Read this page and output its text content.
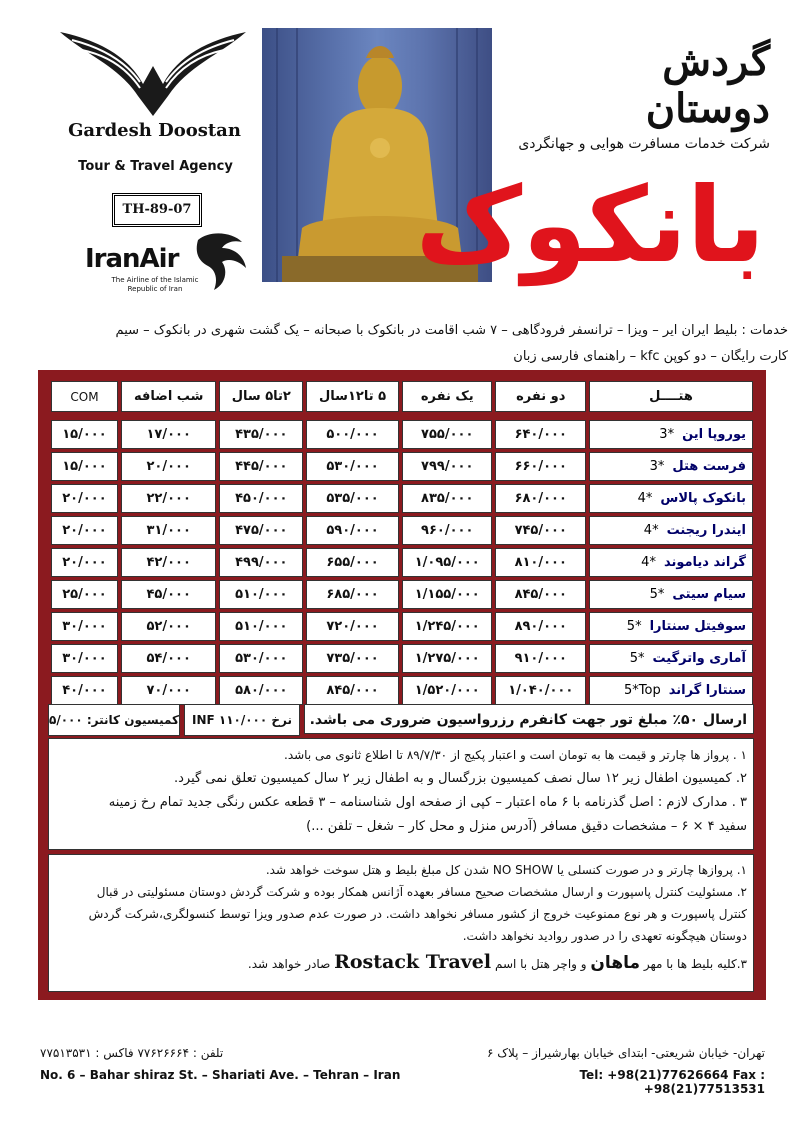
Gardesh Doostan
Tour & Travel Agency
TH-89-07
IranAir
The Airline of the Islamic Republic of Iran
گردش دوستان
شرکت خدمات مسافرت هوایی و جهانگردی
بانکوک
خدمات : بلیط ایران ایر – ویزا – ترانسفر فرودگاهی – ۷ شب اقامت در بانکوک با صبحانه – یک گشت شهری در بانکوک – سیم
کارت رایگان – دو کوپن kfc – راهنمای فارسی زبان
هتــــل	دو نفره	یک نفره	۵ تا۱۲سال	۲تا۵ سال	شب اضافه	COM

یوروپا این3*	۶۴۰/۰۰۰	۷۵۵/۰۰۰	۵۰۰/۰۰۰	۴۳۵/۰۰۰	۱۷/۰۰۰	۱۵/۰۰۰
فرست هتل3*	۶۶۰/۰۰۰	۷۹۹/۰۰۰	۵۳۰/۰۰۰	۴۴۵/۰۰۰	۲۰/۰۰۰	۱۵/۰۰۰
بانکوک پالاس4*	۶۸۰/۰۰۰	۸۳۵/۰۰۰	۵۳۵/۰۰۰	۴۵۰/۰۰۰	۲۲/۰۰۰	۲۰/۰۰۰
ایندرا ریجنت4*	۷۴۵/۰۰۰	۹۶۰/۰۰۰	۵۹۰/۰۰۰	۴۷۵/۰۰۰	۳۱/۰۰۰	۲۰/۰۰۰
گراند دیاموند4*	۸۱۰/۰۰۰	۱/۰۹۵/۰۰۰	۶۵۵/۰۰۰	۴۹۹/۰۰۰	۴۲/۰۰۰	۲۰/۰۰۰
سیام سیتی5*	۸۴۵/۰۰۰	۱/۱۵۵/۰۰۰	۶۸۵/۰۰۰	۵۱۰/۰۰۰	۴۵/۰۰۰	۲۵/۰۰۰
سوفیتل سنتارا5*	۸۹۰/۰۰۰	۱/۲۴۵/۰۰۰	۷۲۰/۰۰۰	۵۱۰/۰۰۰	۵۲/۰۰۰	۳۰/۰۰۰
آماری واترگیت5*	۹۱۰/۰۰۰	۱/۲۷۵/۰۰۰	۷۳۵/۰۰۰	۵۳۰/۰۰۰	۵۴/۰۰۰	۳۰/۰۰۰
سنتارا گراند5*Top	۱/۰۴۰/۰۰۰	۱/۵۲۰/۰۰۰	۸۴۵/۰۰۰	۵۸۰/۰۰۰	۷۰/۰۰۰	۴۰/۰۰۰
ارسال ۵۰٪ مبلغ تور جهت کانفرم رزرواسیون ضروری می باشد.
نرخ INF ۱۱۰/۰۰۰
کمیسیون کانتر: ۵/۰۰۰
۱ . پرواز ها چارتر و قیمت ها به تومان است و اعتبار پکیج از ۸۹/۷/۳۰ تا اطلاع ثانوی می باشد.
۲. کمیسیون اطفال زیر ۱۲ سال نصف کمیسیون بزرگسال و به اطفال زیر ۲ سال کمیسیون تعلق نمی گیرد.
۳ . مدارک لازم : اصل گذرنامه با ۶ ماه اعتبار – کپی از صفحه اول شناسنامه – ۳ قطعه عکس رنگی جدید تمام رخ زمینه
سفید ۴ × ۶ – مشخصات دقیق مسافر (آدرس منزل و محل کار – شغل – تلفن ...)
۱. پروازها چارتر و در صورت کنسلی یا NO SHOW شدن کل مبلغ بلیط و هتل سوخت خواهد شد.
۲. مسئولیت کنترل پاسپورت و ارسال مشخصات صحیح مسافر بعهده آژانس همکار بوده و شرکت گردش دوستان مسئولیتی در قبال
کنترل پاسپورت و هر نوع ممنوعیت خروج از کشور مسافر نخواهد داشت. در صورت عدم صدور ویزا توسط کنسولگری،شرکت گردش
دوستان هیچگونه تعهدی را در صدور روادید نخواهد داشت.
۳.کلیه بلیط ها با مهر ماهان و واچر هتل با اسم Rostack Travel صادر خواهد شد.
تلفن : ۷۷۶۲۶۶۶۴ فاکس : ۷۷۵۱۳۵۳۱
No. 6 – Bahar shiraz St. – Shariati Ave. – Tehran – Iran
تهران- خیابان شریعتی- ابتدای خیابان بهارشیراز – پلاک ۶
Tel: +98(21)77626664 Fax : +98(21)77513531
